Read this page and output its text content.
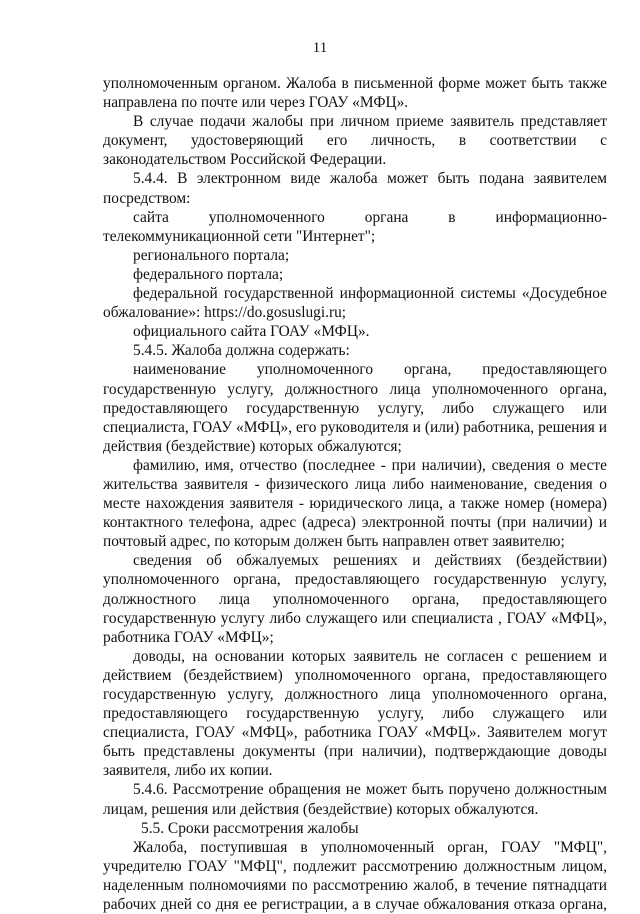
11
уполномоченным органом. Жалоба в письменной форме может быть также
направлена по почте или через ГОАУ «МФЦ».
В случае подачи жалобы при личном приеме заявитель представляет
документ, удостоверяющий его личность, в соответствии с
законодательством Российской Федерации.
5.4.4. В электронном виде жалоба может быть подана заявителем
посредством:
сайта уполномоченного органа в информационно-
телекоммуникационной сети "Интернет";
регионального портала;
федерального портала;
федеральной государственной информационной системы «Досудебное
обжалование»: https://do.gosuslugi.ru;
официального сайта ГОАУ «МФЦ».
5.4.5. Жалоба должна содержать:
наименование уполномоченного органа, предоставляющего
государственную услугу, должностного лица уполномоченного органа,
предоставляющего государственную услугу, либо служащего или
специалиста, ГОАУ «МФЦ», его руководителя и (или) работника, решения и
действия (бездействие) которых обжалуются;
фамилию, имя, отчество (последнее - при наличии), сведения о месте
жительства заявителя - физического лица либо наименование, сведения о
месте нахождения заявителя - юридического лица, а также номер (номера)
контактного телефона, адрес (адреса) электронной почты (при наличии) и
почтовый адрес, по которым должен быть направлен ответ заявителю;
сведения об обжалуемых решениях и действиях (бездействии)
уполномоченного органа, предоставляющего государственную услугу,
должностного лица уполномоченного органа, предоставляющего
государственную услугу либо служащего или специалиста , ГОАУ «МФЦ»,
работника ГОАУ «МФЦ»;
доводы, на основании которых заявитель не согласен с решением и
действием (бездействием) уполномоченного органа, предоставляющего
государственную услугу, должностного лица уполномоченного органа,
предоставляющего государственную услугу, либо служащего или
специалиста, ГОАУ «МФЦ», работника ГОАУ «МФЦ». Заявителем могут
быть представлены документы (при наличии), подтверждающие доводы
заявителя, либо их копии.
5.4.6. Рассмотрение обращения не может быть поручено должностным
лицам, решения или действия (бездействие) которых обжалуются.
5.5. Сроки рассмотрения жалобы
Жалоба, поступившая в уполномоченный орган, ГОАУ "МФЦ",
учредителю ГОАУ "МФЦ", подлежит рассмотрению должностным лицом,
наделенным полномочиями по рассмотрению жалоб, в течение пятнадцати
рабочих дней со дня ее регистрации, а в случае обжалования отказа органа,
